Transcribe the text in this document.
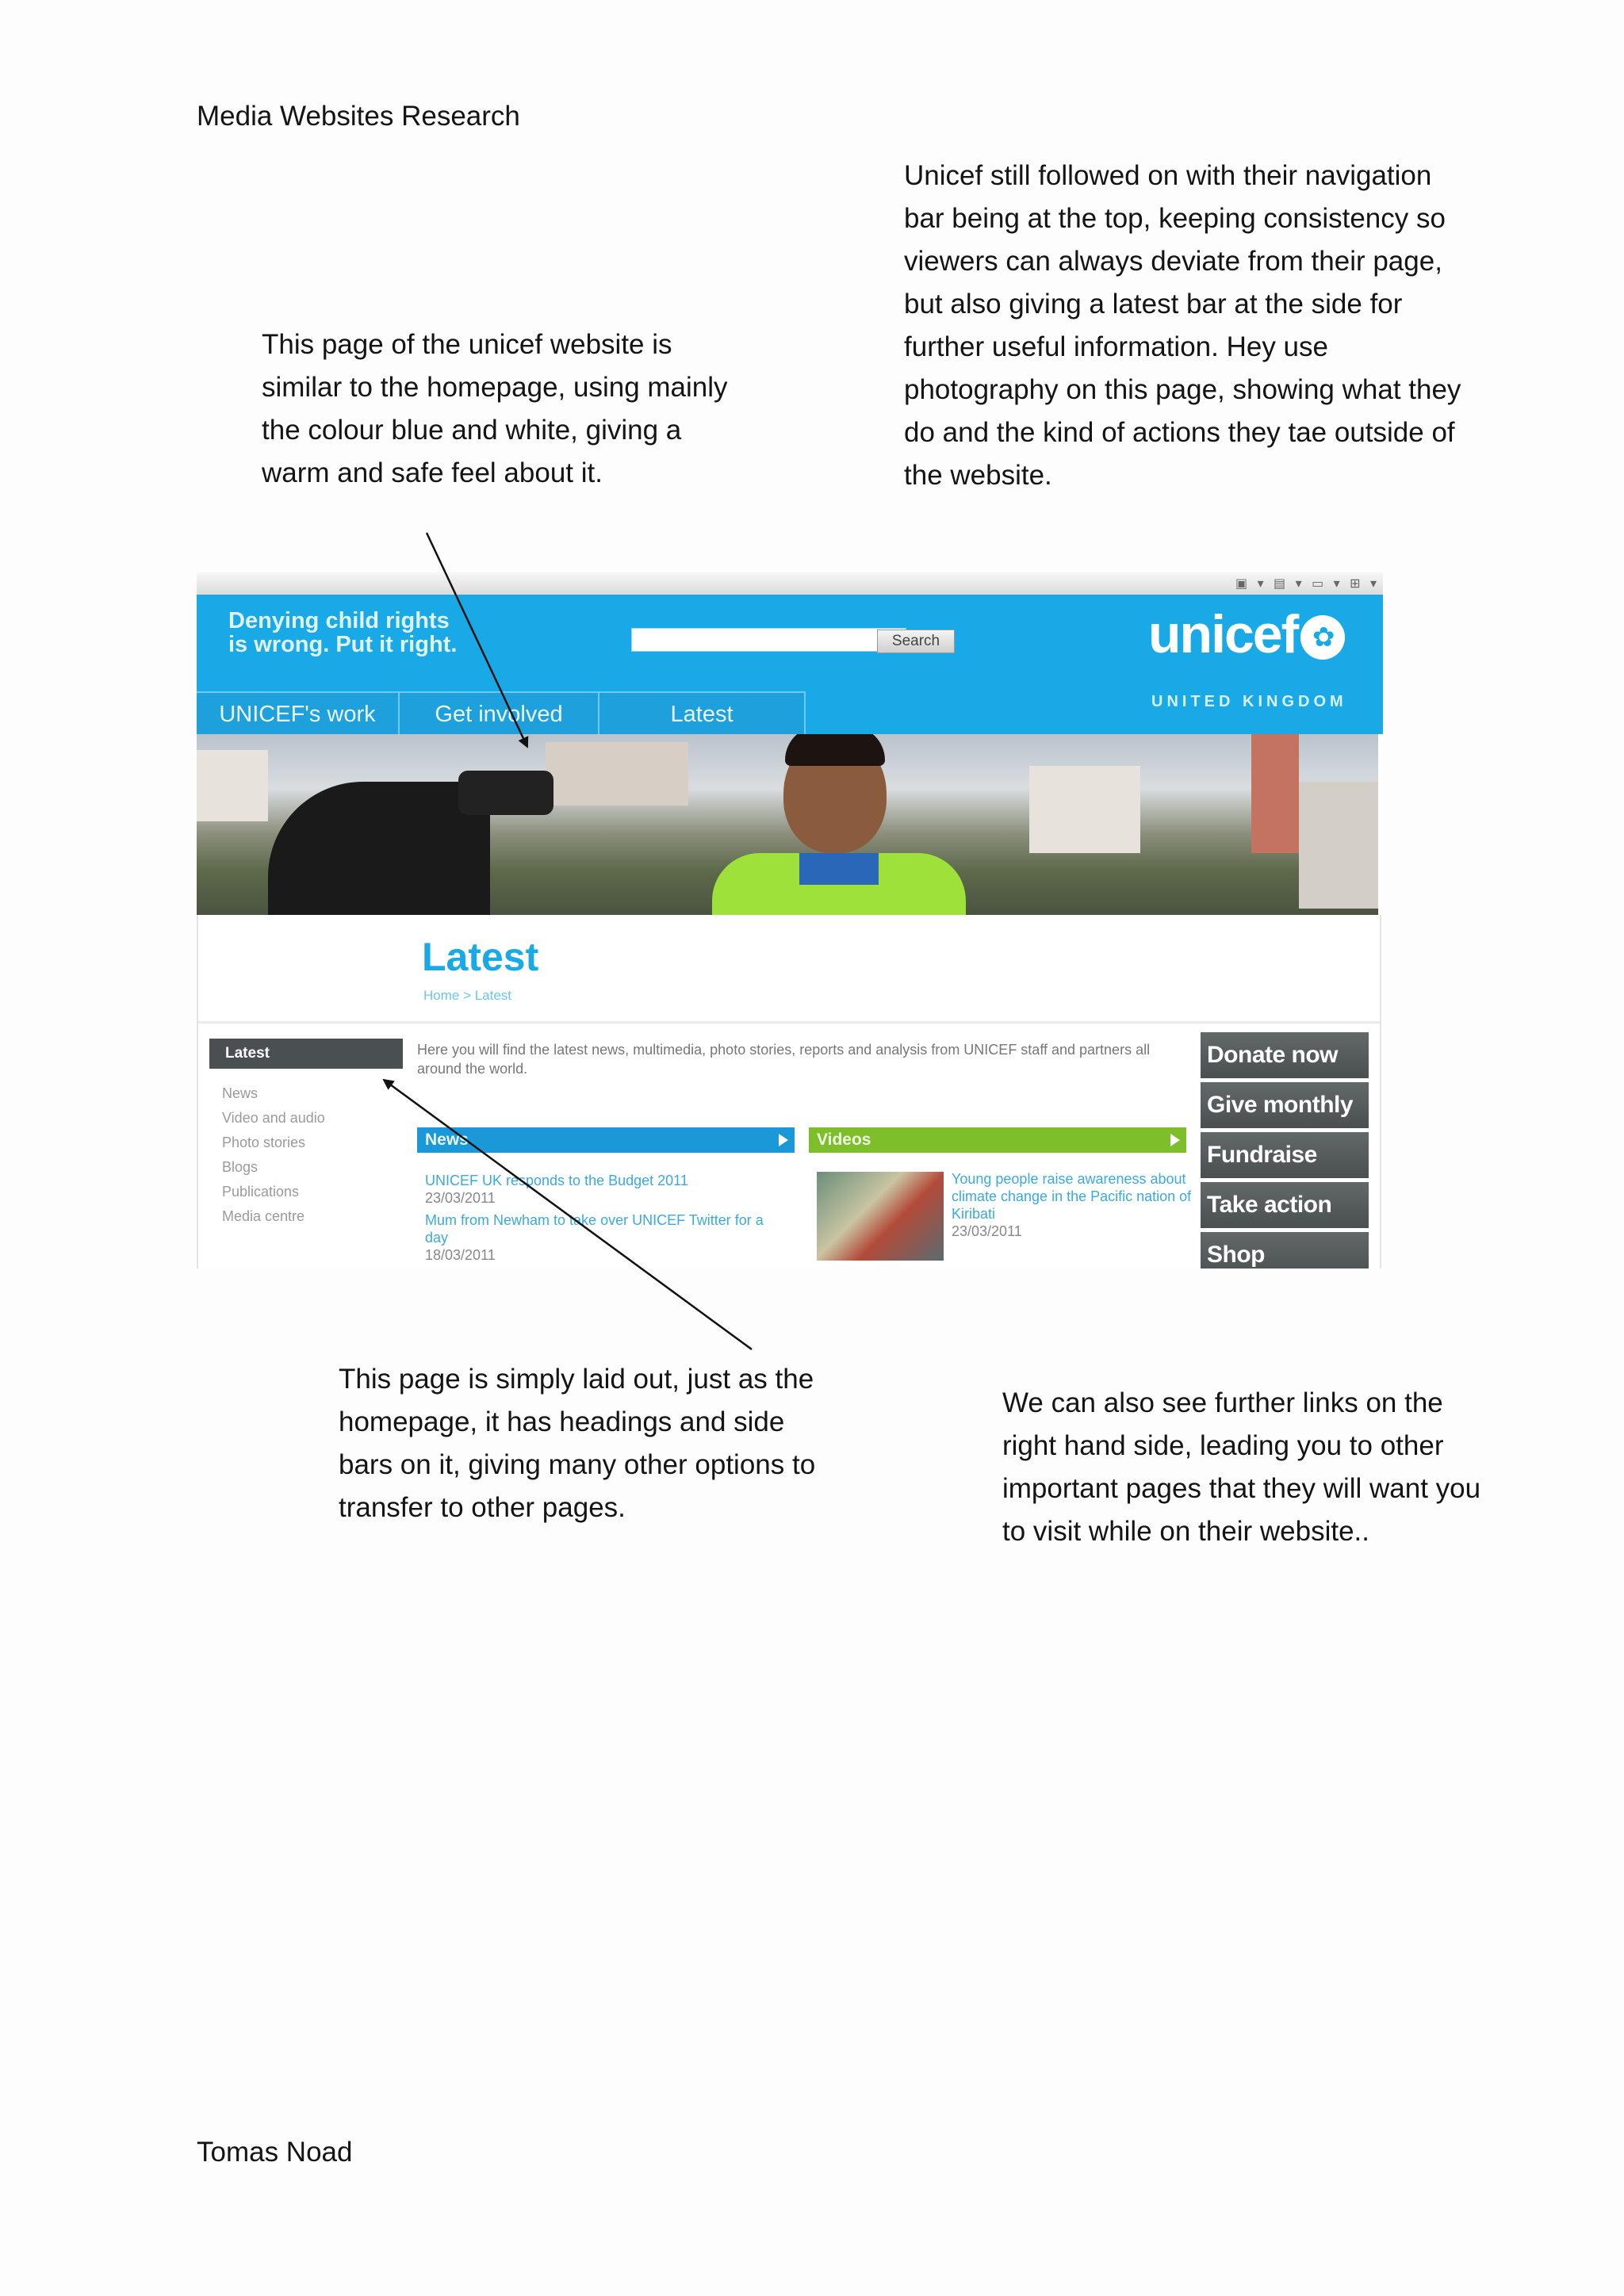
Media Websites Research
This page of the unicef website is similar to the homepage, using mainly the colour blue and white, giving a warm and safe feel about it.
Unicef still followed on with their navigation bar being at the top, keeping consistency so viewers can always deviate from their page, but also giving a latest bar at the side for further useful information. Hey use photography on this page, showing what they do and the kind of actions they tae outside of the website.
▣ ▾ ▤ ▾ ▭ ▾ ⊞ ▾
Denying child rights
is wrong. Put it right.	Search	unicef ✿
UNITED KINGDOM
UNICEF's work	Get involved	Latest
Latest
Home > Latest
Latest
News
Video and audio
Photo stories
Blogs
Publications
Media centre
Here you will find the latest news, multimedia, photo stories, reports and analysis from UNICEF staff and partners all around the world.
News	Videos
UNICEF UK responds to the Budget 2011
23/03/2011
Mum from Newham to take over UNICEF Twitter for a day
18/03/2011
Young people raise awareness about climate change in the Pacific nation of Kiribati
23/03/2011
Donate now
Give monthly
Fundraise
Take action
Shop
This page is simply laid out, just as the homepage, it has headings and side bars on it, giving many other options to transfer to other pages.
We can also see further links on the right hand side, leading you to other important pages that they will want you to visit while on their website..
Tomas Noad
